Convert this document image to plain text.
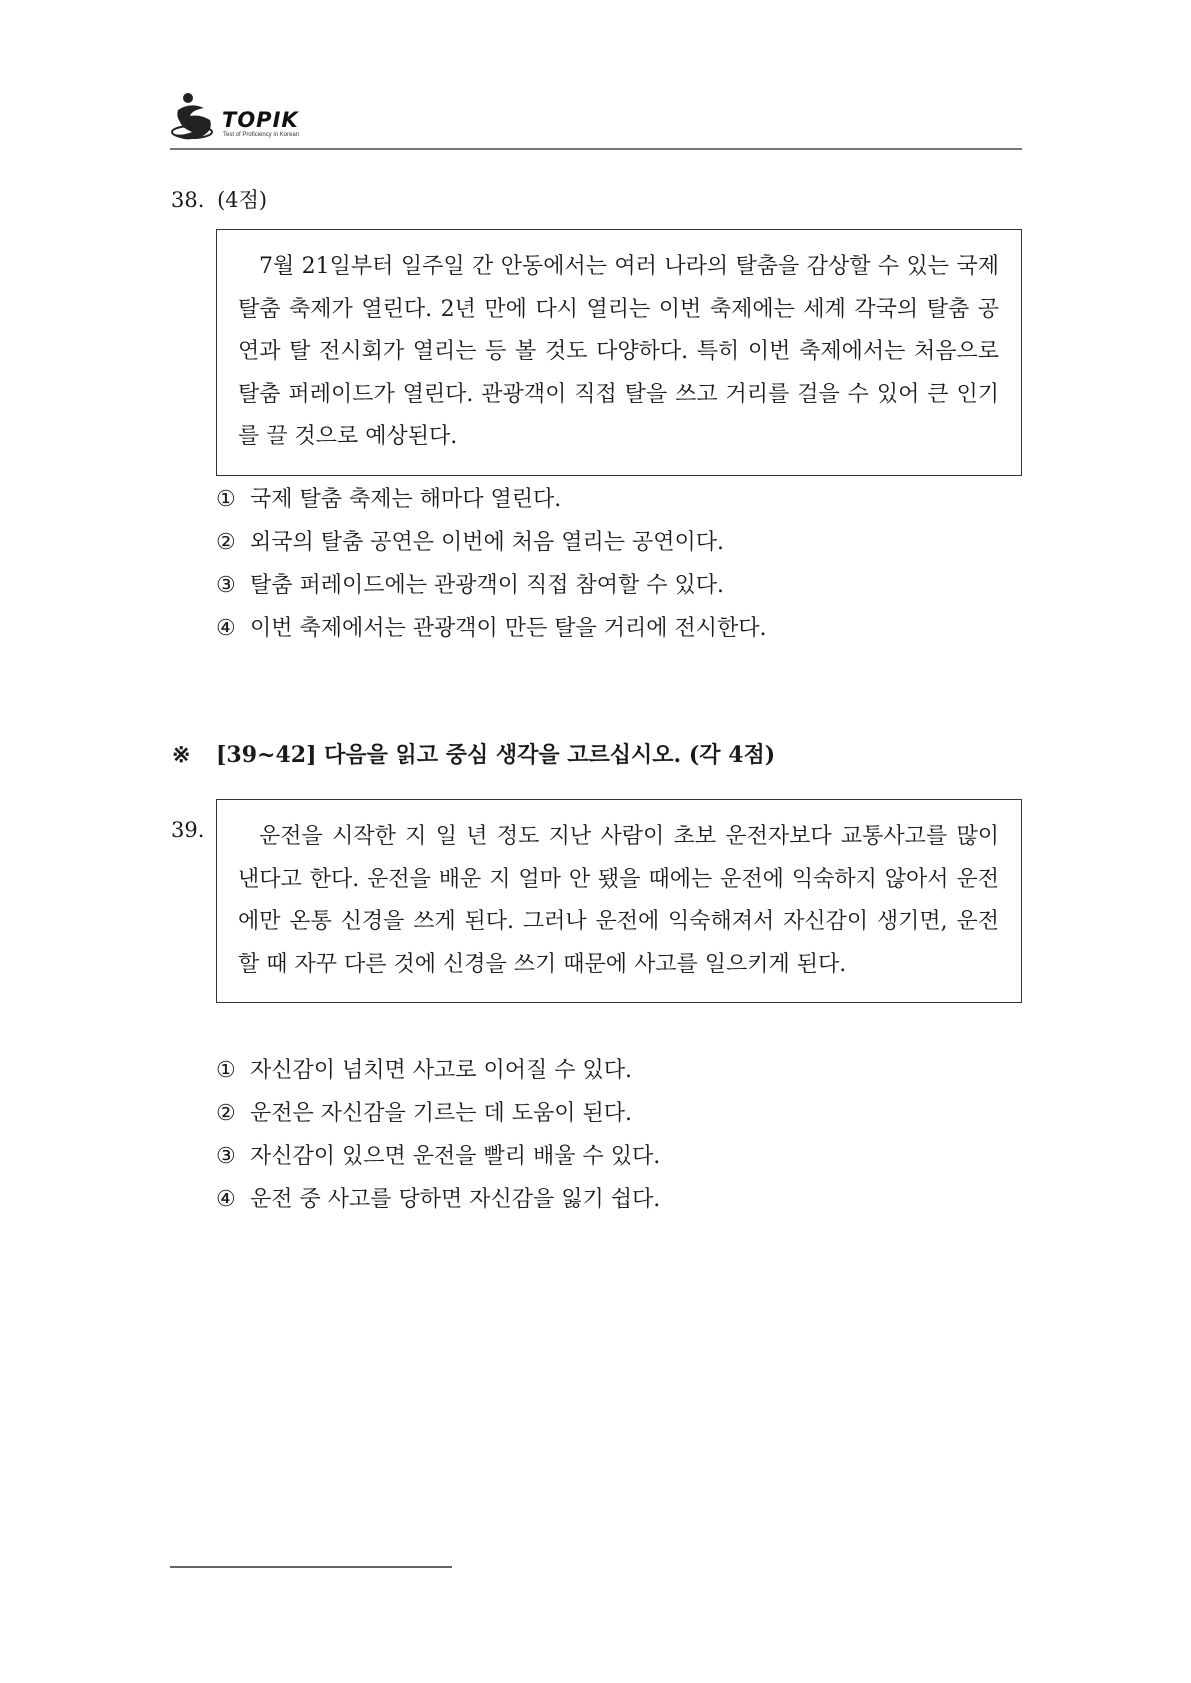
TOPIK
Test of Proficiency in Korean
38. (4점)

7월 21일부터 일주일 간 안동에서는 여러 나라의 탈춤을 감상할 수 있는 국제 탈춤 축제가 열린다. 2년 만에 다시 열리는 이번 축제에는 세계 각국의 탈춤 공연과 탈 전시회가 열리는 등 볼 것도 다양하다. 특히 이번 축제에서는 처음으로 탈춤 퍼레이드가 열린다. 관광객이 직접 탈을 쓰고 거리를 걸을 수 있어 큰 인기를 끌 것으로 예상된다.

① 국제 탈춤 축제는 해마다 열린다.
② 외국의 탈춤 공연은 이번에 처음 열리는 공연이다.
③ 탈춤 퍼레이드에는 관광객이 직접 참여할 수 있다.
④ 이번 축제에서는 관광객이 만든 탈을 거리에 전시한다.
※ [39~42] 다음을 읽고 중심 생각을 고르십시오. (각 4점)
39.	운전을 시작한 지 일 년 정도 지난 사람이 초보 운전자보다 교통사고를 많이 낸다고 한다. 운전을 배운 지 얼마 안 됐을 때에는 운전에 익숙하지 않아서 운전에만 온통 신경을 쓰게 된다. 그러나 운전에 익숙해져서 자신감이 생기면, 운전할 때 자꾸 다른 것에 신경을 쓰기 때문에 사고를 일으키게 된다.

① 자신감이 넘치면 사고로 이어질 수 있다.
② 운전은 자신감을 기르는 데 도움이 된다.
③ 자신감이 있으면 운전을 빨리 배울 수 있다.
④ 운전 중 사고를 당하면 자신감을 잃기 쉽다.
